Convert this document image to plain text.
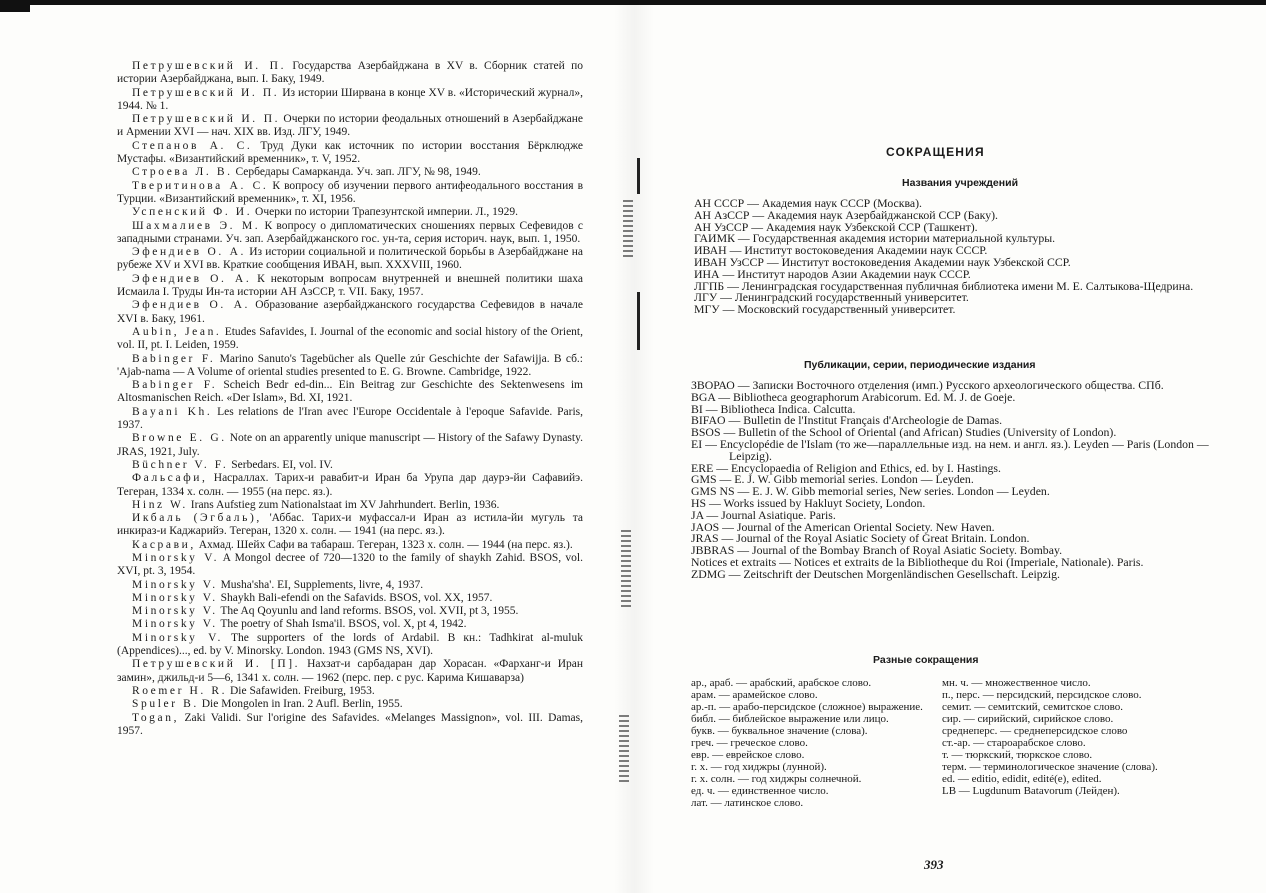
Петрушевский И. П. Государства Азербайджана в XV в. Сборник статей по истории Азербайджана, вып. I. Баку, 1949.

Петрушевский И. П. Из истории Ширвана в конце XV в. «Исторический журнал», 1944. № 1.

Петрушевский И. П. Очерки по истории феодальных отношений в Азербайджане и Армении XVI — нач. XIX вв. Изд. ЛГУ, 1949.

Степанов А. С. Труд Дуки как источник по истории восстания Бёрклюдже Мустафы. «Византийский временник», т. V, 1952.

Строева Л. В. Сербедары Самарканда. Уч. зап. ЛГУ, № 98, 1949.

Тверитинова А. С. К вопросу об изучении первого антифеодального восстания в Турции. «Византийский временник», т. XI, 1956.

Успенский Ф. И. Очерки по истории Трапезунтской империи. Л., 1929.

Шахмалиев Э. М. К вопросу о дипломатических сношениях первых Сефевидов с западными странами. Уч. зап. Азербайджанского гос. ун-та, серия историч. наук, вып. 1, 1950.

Эфендиев О. А. Из истории социальной и политической борьбы в Азербайджане на рубеже XV и XVI вв. Краткие сообщения ИВАН, вып. XXXVIII, 1960.

Эфендиев О. А. К некоторым вопросам внутренней и внешней политики шаха Исмаила I. Труды Ин-та истории АН АзССР, т. VII. Баку, 1957.

Эфендиев О. А. Образование азербайджанского государства Сефевидов в начале XVI в. Баку, 1961.

Aubin, Jean. Etudes Safavides, I. Journal of the economic and social history of the Orient, vol. II, pt. I. Leiden, 1959.

Babinger F. Marino Sanuto's Tagebücher als Quelle zúr Geschichte der Safawijja. В сб.: 'Ajab-nama — A Volume of oriental studies presented to E. G. Browne. Cambridge, 1922.

Babinger F. Scheich Bedr ed-din... Ein Beitrag zur Geschichte des Sektenwesens im Altosmanischen Reich. «Der Islam», Bd. XI, 1921.

Bayani Kh. Les relations de l'Iran avec l'Europe Occidentale à l'epoque Safavide. Paris, 1937.

Browne E. G. Note on an apparently unique manuscript — History of the Safawy Dynasty. JRAS, 1921, July.

Büchner V. F. Serbedars. EI, vol. IV.

Фальсафи, Насраллах. Тарих-и равабит-и Иран ба Урупа дар даурэ-йи Сафавийэ. Тегеран, 1334 х. солн. — 1955 (на перс. яз.).

Hinz W. Irans Aufstieg zum Nationalstaat im XV Jahrhundert. Berlin, 1936.

Икбаль (Эгбаль), 'Аббас. Тарих-и муфассал-и Иран аз истила-йи мугуль та инкираз-и Каджарийэ. Тегеран, 1320 х. солн. — 1941 (на перс. яз.).

Касрави, Ахмад. Шейх Сафи ва табараш. Тегеран, 1323 х. солн. — 1944 (на перс. яз.).

Minorsky V. A Mongol decree of 720—1320 to the family of shaykh Zahid. BSOS, vol. XVI, pt. 3, 1954.

Minorsky V. Musha'sha'. EI, Supplements, livre, 4, 1937.

Minorsky V. Shaykh Bali-efendi on the Safavids. BSOS, vol. XX, 1957.

Minorsky V. The Aq Qoyunlu and land reforms. BSOS, vol. XVII, pt 3, 1955.

Minorsky V. The poetry of Shah Isma'il. BSOS, vol. X, pt 4, 1942.

Minorsky V. The supporters of the lords of Ardabil. В кн.: Tadhkirat al-muluk (Appendices)..., ed. by V. Minorsky. London. 1943 (GMS NS, XVI).

Петрушевский И. [П]. Нахзат-и сарбадаран дар Хорасан. «Фарханг-и Иран замин», джильд-и 5—6, 1341 х. солн. — 1962 (перс. пер. с рус. Карима Кишаварза)

Roemer H. R. Die Safawiden. Freiburg, 1953.

Spuler B. Die Mongolen in Iran. 2 Aufl. Berlin, 1955.

Togan, Zaki Validi. Sur l'origine des Safavides. «Melanges Massignon», vol. III. Damas, 1957.

СОКРАЩЕНИЯ
Названия учреждений

АН СССР — Академия наук СССР (Москва).

АН АзССР — Академия наук Азербайджанской ССР (Баку).

АН УзССР — Академия наук Узбекской ССР (Ташкент).

ГАИМК — Государственная академия истории материальной культуры.

ИВАН — Институт востоковедения Академии наук СССР.

ИВАН УзССР — Институт востоковедения Академии наук Узбекской ССР.

ИНА — Институт народов Азии Академии наук СССР.

ЛГПБ — Ленинградская государственная публичная библиотека имени М. Е. Салтыкова-Щедрина.

ЛГУ — Ленинградский государственный университет.

МГУ — Московский государственный университет.

Публикации, серии, периодические издания

ЗВОРАО — Записки Восточного отделения (имп.) Русского археологического общества. СПб.

BGA — Bibliotheca geographorum Arabicorum. Ed. M. J. de Goeje.

BI — Bibliotheca Indica. Calcutta.

BIFAO — Bulletin de l'Institut Français d'Archeologie de Damas.

BSOS — Bulletin of the School of Oriental (and African) Studies (University of London).

EI — Encyclopédie de l'Islam (то же—параллельные изд. на нем. и англ. яз.). Leyden — Paris (London — Leipzig).

ERE — Encyclopaedia of Religion and Ethics, ed. by I. Hastings.

GMS — E. J. W. Gibb memorial series. London — Leyden.

GMS NS — E. J. W. Gibb memorial series, New series. London — Leyden.

HS — Works issued by Hakluyt Society, London.

JA — Journal Asiatique. Paris.

JAOS — Journal of the American Oriental Society. New Haven.

JRAS — Journal of the Royal Asiatic Society of Great Britain. London.

JBBRAS — Journal of the Bombay Branch of Royal Asiatic Society. Bombay.

Notices et extraits — Notices et extraits de la Bibliotheque du Roi (Imperiale, Nationale). Paris.

ZDMG — Zeitschrift der Deutschen Morgenländischen Gesellschaft. Leipzig.

Разные сокращения

ар., араб. — арабский, арабское слово.

арам. — арамейское слово.

ар.-п. — арабо-персидское (сложное) выражение.

библ. — библейское выражение или лицо.

букв. — буквальное значение (слова).

греч. — греческое слово.

евр. — еврейское слово.

г. х. — год хиджры (лунной).

г. х. солн. — год хиджры солнечной.

ед. ч. — единственное число.

лат. — латинское слово.

мн. ч. — множественное число.

п., перс. — персидский, персидское слово.

семит. — семитский, семитское слово.

сир. — сирийский, сирийское слово.

среднеперс. — среднеперсидское слово

ст.-ар. — староарабское слово.

т. — тюркский, тюркское слово.

терм. — терминологическое значение (слова).

ed. — editio, edidit, edité(e), edited.

LB — Lugdunum Batavorum (Лейден).

393
